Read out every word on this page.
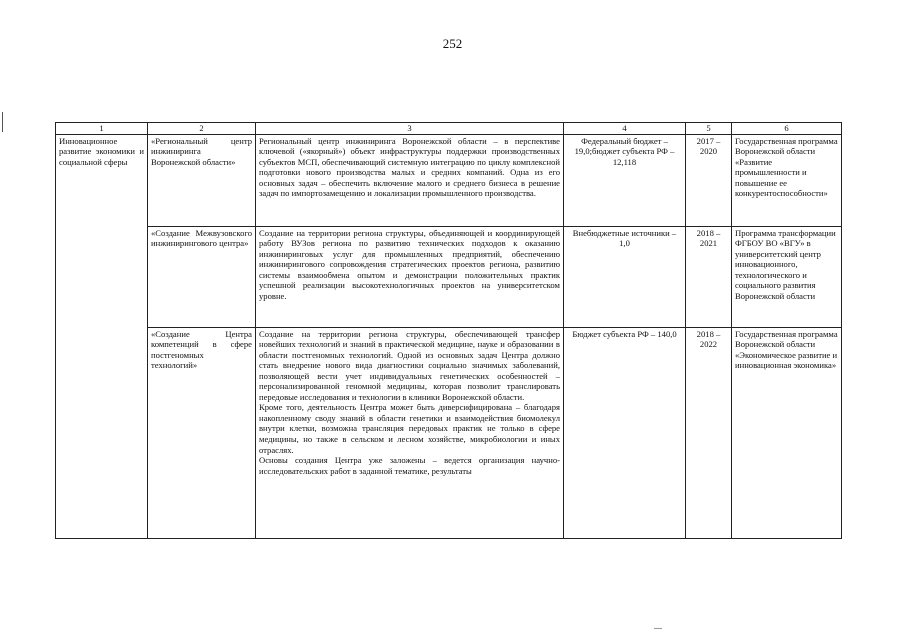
252
1	2	3	4	5	6
Инновационное развитие экономики и социальной сферы	«Региональный центр инжиниринга Воронежской области»	Региональный центр инжиниринга Воронежской области – в перспективе ключевой («якорный») объект инфраструктуры поддержки производственных субъектов МСП, обеспечивающий системную интеграцию по циклу комплексной подготовки нового производства малых и средних компаний. Одна из его основных задач – обеспечить включение малого и среднего бизнеса в решение задач по импортозамещению и локализации промышленного производства.	Федеральный бюджет –19,0;бюджет субъекта РФ – 12,118	2017 – 2020	Государственная программа Воронежской области «Развитие промышленности и повышение ее конкурентоспособности»
	«Создание Межвузовского инжинирингового центра»	Создание на территории региона структуры, объединяющей и координирующей работу ВУЗов региона по развитию технических подходов к оказанию инжиниринговых услуг для промышленных предприятий, обеспечению инжинирингового сопровождения стратегических проектов региона, развитию системы взаимообмена опытом и демонстрации положительных практик успешной реализации высокотехнологичных проектов на университетском уровне.	Внебюджетные источники – 1,0	2018 – 2021	Программа трансформации ФГБОУ ВО «ВГУ» в университетский центр инновационного, технологического и социального развития Воронежской области
	«Создание Центра компетенций в сфере постгеномных технологий»	Создание на территории региона структуры, обеспечивающей трансфер новейших технологий и знаний в практической медицине, науке и образовании в области постгеномных технологий. Одной из основных задач Центра должно стать внедрение нового вида диагностики социально значимых заболеваний, позволяющей вести учет индивидуальных генетических особенностей – персонализированной геномной медицины, которая позволит транслировать передовые исследования и технологии в клиники Воронежской области.

Кроме того, деятельность Центра может быть диверсифицирована – благодаря накопленному своду знаний в области генетики и взаимодействия биомолекул внутри клетки, возможна трансляция передовых практик не только в сфере медицины, но также в сельском и лесном хозяйстве, микробиологии и иных отраслях.

Основы создания Центра уже заложены – ведется организация научно-исследовательских работ в заданной тематике, результаты	Бюджет субъекта РФ – 140,0	2018 – 2022	Государственная программа Воронежской области «Экономическое развитие и инновационная экономика»
